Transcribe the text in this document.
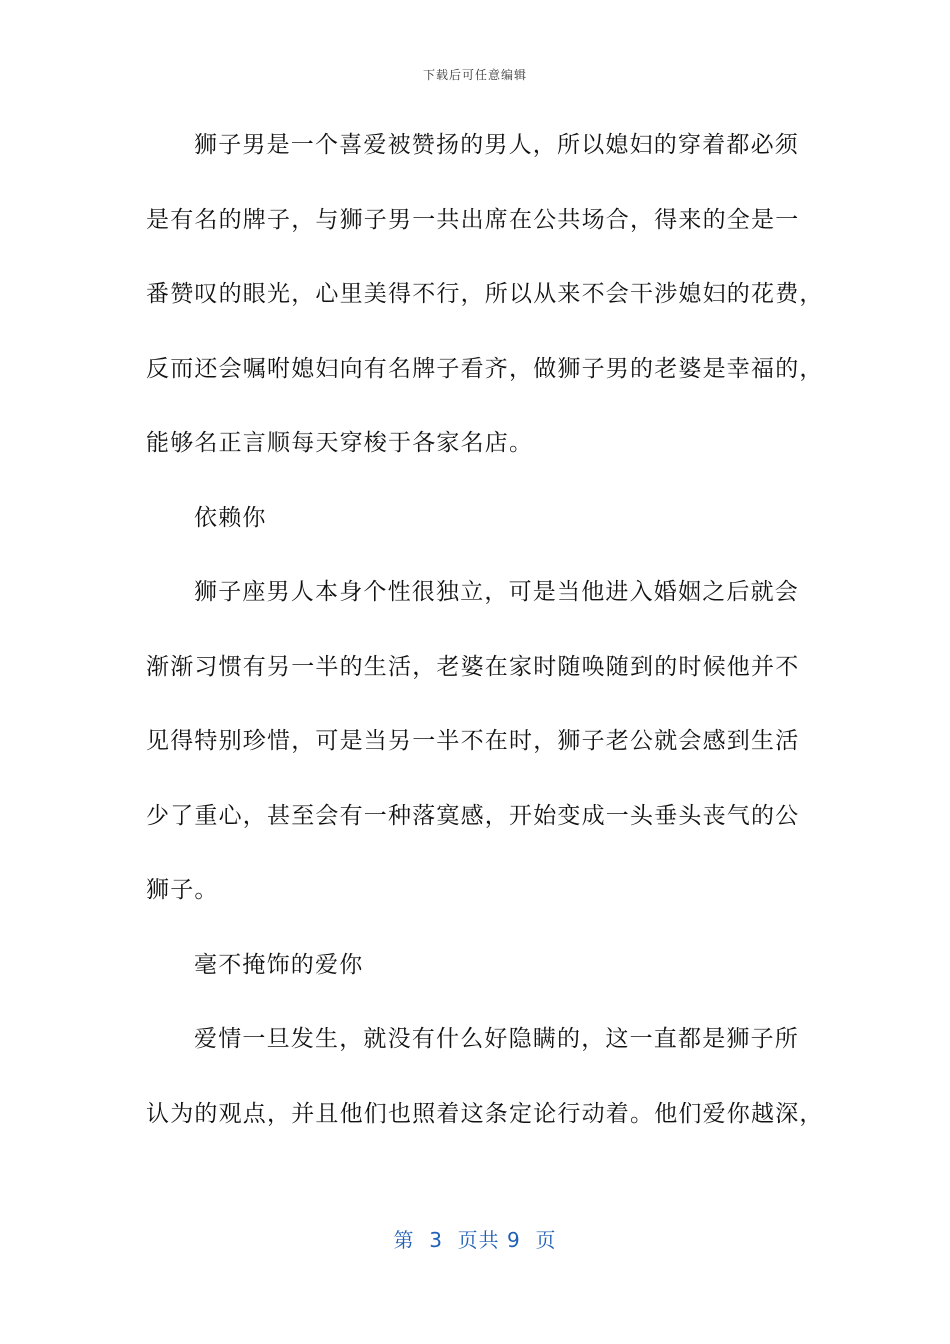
下载后可任意编辑
狮子男是一个喜爱被赞扬的男人，所以媳妇的穿着都必须
是有名的牌子，与狮子男一共出席在公共场合，得来的全是一
番赞叹的眼光，心里美得不行，所以从来不会干涉媳妇的花费，
反而还会嘱咐媳妇向有名牌子看齐，做狮子男的老婆是幸福的，
能够名正言顺每天穿梭于各家名店。
依赖你
狮子座男人本身个性很独立，可是当他进入婚姻之后就会
渐渐习惯有另一半的生活，老婆在家时随唤随到的时候他并不
见得特别珍惜，可是当另一半不在时，狮子老公就会感到生活
少了重心，甚至会有一种落寞感，开始变成一头垂头丧气的公
狮子。
毫不掩饰的爱你
爱情一旦发生，就没有什么好隐瞒的，这一直都是狮子所
认为的观点，并且他们也照着这条定论行动着。他们爱你越深，
第  3  页共 9  页
